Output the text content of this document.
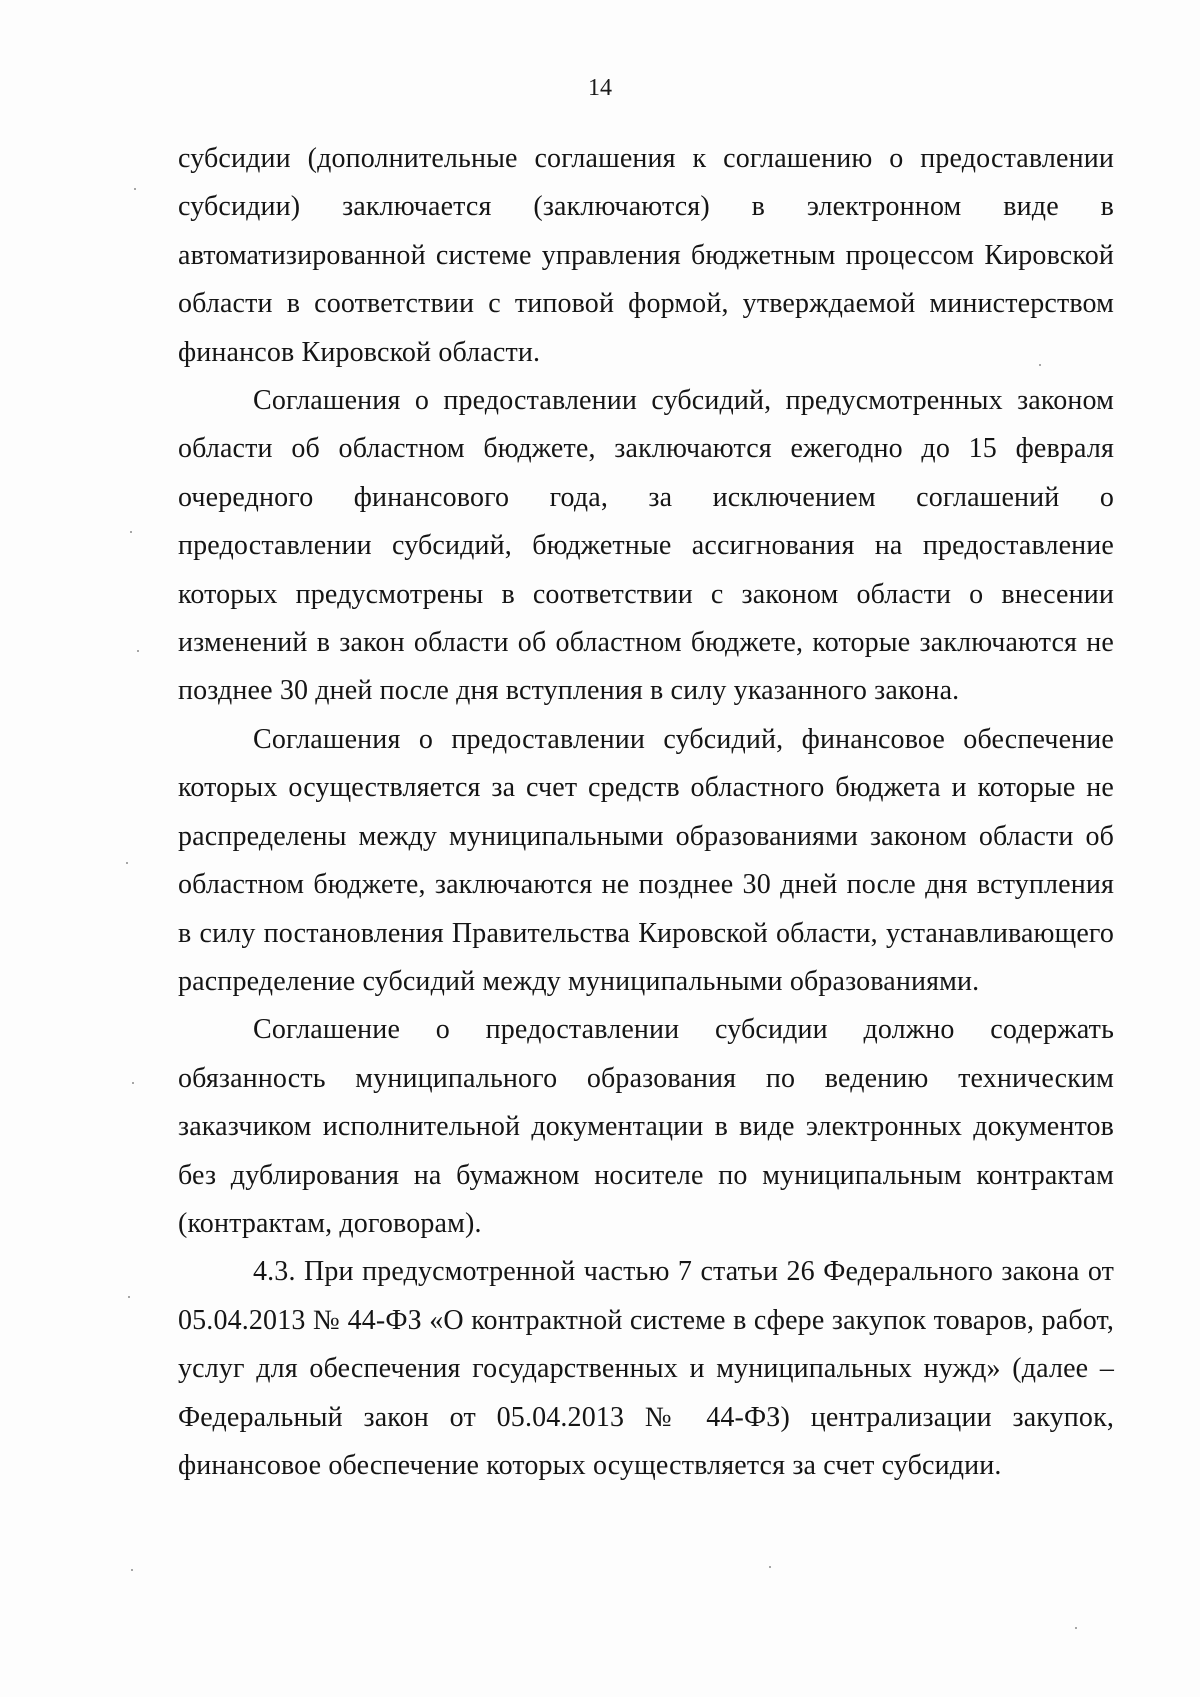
14

субсидии (дополнительные соглашения к соглашению о предоставлении субсидии) заключается (заключаются) в электронном виде в автоматизированной системе управления бюджетным процессом Кировской области в соответствии с типовой формой, утверждаемой министерством финансов Кировской области.

Соглашения о предоставлении субсидий, предусмотренных законом области об областном бюджете, заключаются ежегодно до 15 февраля очередного финансового года, за исключением соглашений о предоставлении субсидий, бюджетные ассигнования на предоставление которых предусмотрены в соответствии с законом области о внесении изменений в закон области об областном бюджете, которые заключаются не позднее 30 дней после дня вступления в силу указанного закона.

Соглашения о предоставлении субсидий, финансовое обеспечение которых осуществляется за счет средств областного бюджета и которые не распределены между муниципальными образованиями законом области об областном бюджете, заключаются не позднее 30 дней после дня вступления в силу постановления Правительства Кировской области, устанавливающего распределение субсидий между муниципальными образованиями.

Соглашение о предоставлении субсидии должно содержать обязанность муниципального образования по ведению техническим заказчиком исполнительной документации в виде электронных документов без дублирования на бумажном носителе по муниципальным контрактам (контрактам, договорам).

4.3. При предусмотренной частью 7 статьи 26 Федерального закона от 05.04.2013 № 44-ФЗ «О контрактной системе в сфере закупок товаров, работ, услуг для обеспечения государственных и муниципальных нужд» (далее – Федеральный закон от 05.04.2013 № 44-ФЗ) централизации закупок, финансовое обеспечение которых осуществляется за счет субсидии.
